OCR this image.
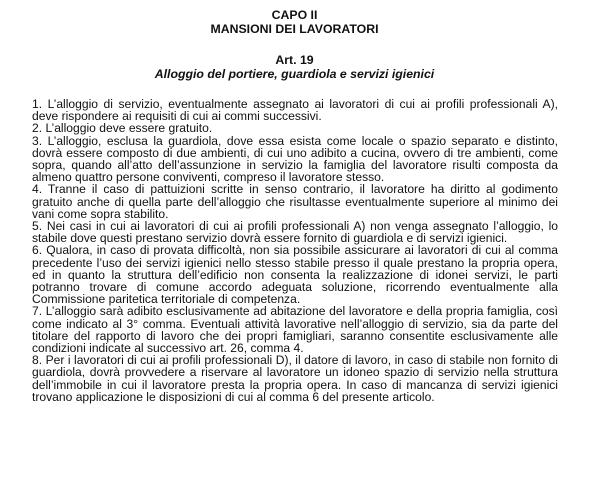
CAPO II
MANSIONI DEI LAVORATORI
Art. 19
Alloggio del portiere, guardiola e servizi igienici

1. L’alloggio di servizio, eventualmente assegnato ai lavoratori di cui ai profili professionali A), deve rispondere ai requisiti di cui ai commi successivi.

2. L’alloggio deve essere gratuito.

3. L’alloggio, esclusa la guardiola, dove essa esista come locale o spazio separato e distinto, dovrà essere composto di due ambienti, di cui uno adibito a cucina, ovvero di tre ambienti, come sopra, quando all’atto dell’assunzione in servizio la famiglia del lavoratore risulti composta da almeno quattro persone conviventi, compreso il lavoratore stesso.

4. Tranne il caso di pattuizioni scritte in senso contrario, il lavoratore ha diritto al godimento gratuito anche di quella parte dell’alloggio che risultasse eventualmente superiore al minimo dei vani come sopra stabilito.

5. Nei casi in cui ai lavoratori di cui ai profili professionali A) non venga assegnato l’alloggio, lo stabile dove questi prestano servizio dovrà essere fornito di guardiola e di servizi igienici.

6. Qualora, in caso di provata difficoltà, non sia possibile assicurare ai lavoratori di cui al comma precedente l’uso dei servizi igienici nello stesso stabile presso il quale prestano la propria opera, ed in quanto la struttura dell’edificio non consenta la realizzazione di idonei servizi, le parti potranno trovare di comune accordo adeguata soluzione, ricorrendo eventualmente alla Commissione paritetica territoriale di competenza.

7. L’alloggio sarà adibito esclusivamente ad abitazione del lavoratore e della propria famiglia, così come indicato al 3° comma. Eventuali attività lavorative nell’alloggio di servizio, sia da parte del titolare del rapporto di lavoro che dei propri famigliari, saranno consentite esclusivamente alle condizioni indicate al successivo art. 26, comma 4.

8. Per i lavoratori di cui ai profili professionali D), il datore di lavoro, in caso di stabile non fornito di guardiola, dovrà provvedere a riservare al lavoratore un idoneo spazio di servizio nella struttura dell’immobile in cui il lavoratore presta la propria opera. In caso di mancanza di servizi igienici trovano applicazione le disposizioni di cui al comma 6 del presente articolo.
